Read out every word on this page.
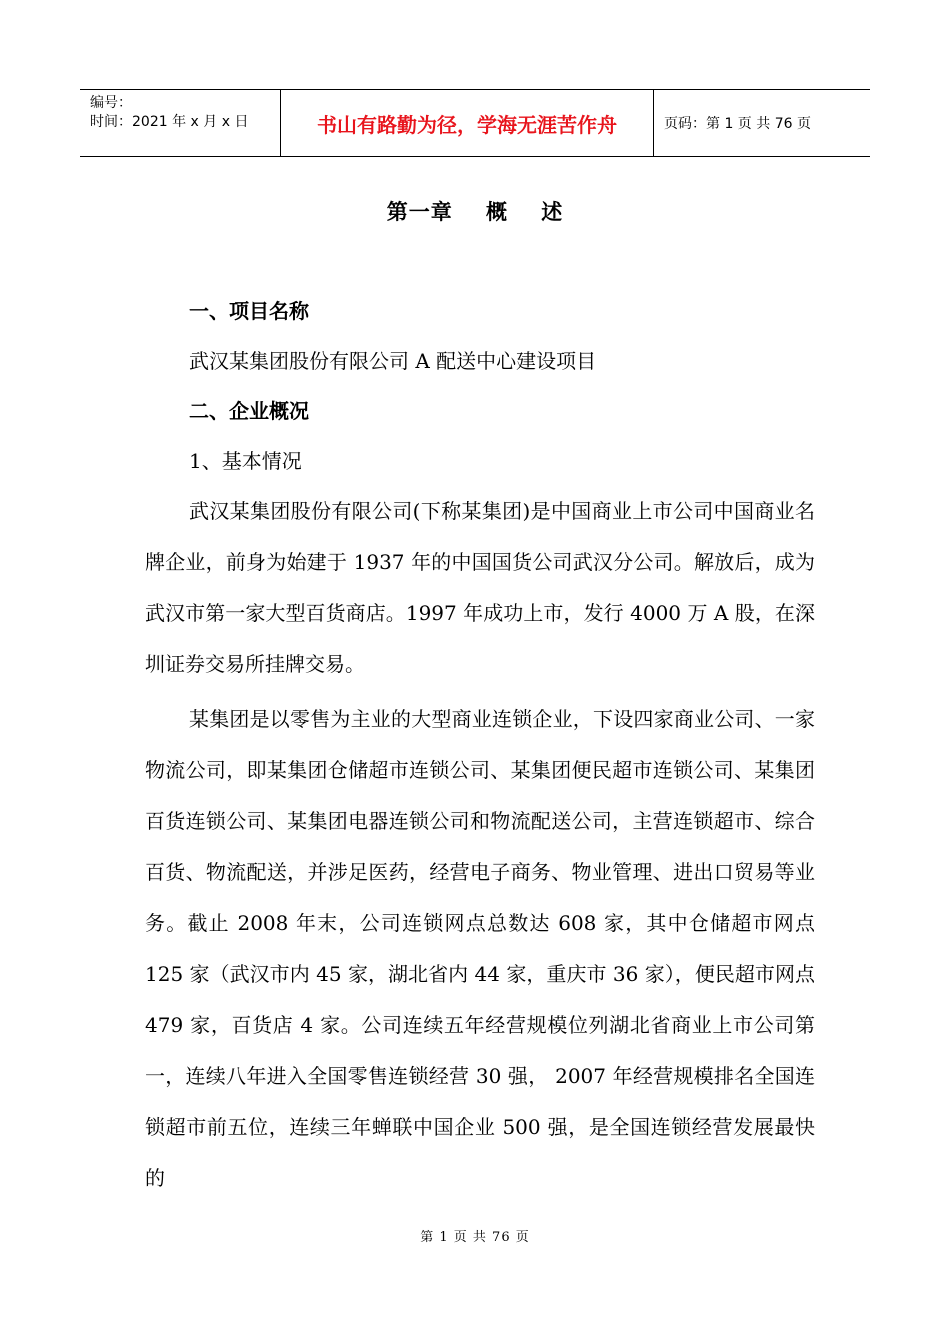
编号：
时间：2021 年 x 月 x 日	书山有路勤为径，学海无涯苦作舟	页码：第 1 页 共 76 页
第一章    概    述
一、项目名称
武汉某集团股份有限公司 A 配送中心建设项目
二、企业概况
1、基本情况

武汉某集团股份有限公司(下称某集团)是中国商业上市公司中国商业名牌企业，前身为始建于 1937 年的中国国货公司武汉分公司。解放后，成为武汉市第一家大型百货商店。1997 年成功上市，发行 4000 万 A 股，在深圳证券交易所挂牌交易。

某集团是以零售为主业的大型商业连锁企业，下设四家商业公司、一家物流公司，即某集团仓储超市连锁公司、某集团便民超市连锁公司、某集团百货连锁公司、某集团电器连锁公司和物流配送公司，主营连锁超市、综合百货、物流配送，并涉足医药，经营电子商务、物业管理、进出口贸易等业务。截止 2008 年末，公司连锁网点总数达 608 家，其中仓储超市网点 125 家（武汉市内 45 家，湖北省内 44 家，重庆市 36 家），便民超市网点 479 家，百货店 4 家。公司连续五年经营规模位列湖北省商业上市公司第一，连续八年进入全国零售连锁经营 30 强， 2007 年经营规模排名全国连锁超市前五位，连续三年蝉联中国企业 500 强，是全国连锁经营发展最快的

第 1 页 共 76 页
